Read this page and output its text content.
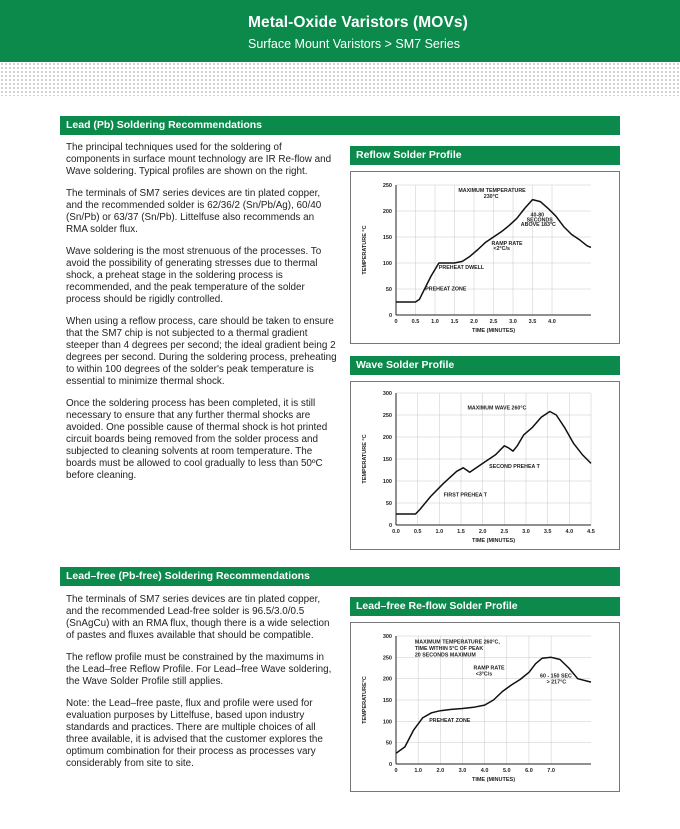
Metal-Oxide Varistors (MOVs)
Surface Mount Varistors > SM7 Series
Lead (Pb) Soldering Recommendations

The principal techniques used for the soldering of components in surface mount technology are IR Re-flow and Wave soldering. Typical profiles are shown on the right.

The terminals of SM7 series devices are tin plated copper, and the recommended solder is 62/36/2 (Sn/Pb/Ag), 60/40 (Sn/Pb) or 63/37 (Sn/Pb). Littelfuse also recommends an RMA solder flux.

Wave soldering is the most strenuous of the processes. To avoid the possibility of generating stresses due to thermal shock, a preheat stage in the soldering process is recommended, and the peak temperature of the solder process should be rigidly controlled.

When using a reflow process, care should be taken to ensure that the SM7 chip is not subjected to a thermal gradient steeper than 4 degrees per second; the ideal gradient being 2 degrees per second. During the soldering process, preheating to within 100 degrees of the solder's peak temperature is essential to minimize thermal shock.

Once the soldering process has been completed, it is still necessary to ensure that any further thermal shocks are avoided. One possible cause of thermal shock is hot printed circuit boards being removed from the solder process and subjected to cleaning solvents at room temperature. The boards must be allowed to cool gradually to less than 50ºC before cleaning.

Reflow Solder Profile
0	0.5 1.0 1.5 2.0 2.5 3.0 3.5 4.0
0
50
100
150
200
250
TIME (MINUTES)
TEMPERATURE °C
MAXIMUM TEMPERATURE
230°C
40-80
SECONDS
ABOVE 183°C
RAMP RATE
<2°C/s
PREHEAT DWELL
PREHEAT ZONE
Wave Solder Profile
0.0	0.5	1.0	1.5	2.0	2.5	3.0	3.5	4.0	4.5
0
50
100
150
200
250
300
TIME (MINUTES)
TEMPERATURE °C
MAXIMUM WAVE 260°C
SECOND PREHEA T
FIRST PREHEA T
Lead–free (Pb-free) Soldering Recommendations

The terminals of SM7 series devices are tin plated copper, and the recommended Lead-free solder is 96.5/3.0/0.5 (SnAgCu) with an RMA flux, though there is a wide selection of pastes and fluxes available that should be compatible.

The reflow profile must be constrained by the maximums in the Lead–free Reflow Profile. For Lead–free Wave soldering, the Wave Solder Profile still applies.

Note: the Lead–free paste, flux and profile were used for evaluation purposes by Littelfuse, based upon industry standards and practices. There are multiple choices of all three available, it is advised that the customer explores the optimum combination for their process as processes vary considerably from site to site.

Lead–free Re-flow Solder Profile
0	1.0	2.0	3.0	4.0	5.0	6.0	7.0
0
50
100
150
200
250
300
TIME (MINUTES)
TEMPERATURE°C
MAXIMUM TEMPERATURE 260°C,
TIME WITHIN 5°C OF PEAK
20 SECONDS MAXIMUM
RAMP RATE
<3°C/s	60 - 150 SEC
> 217°C
PREHEAT ZONE
